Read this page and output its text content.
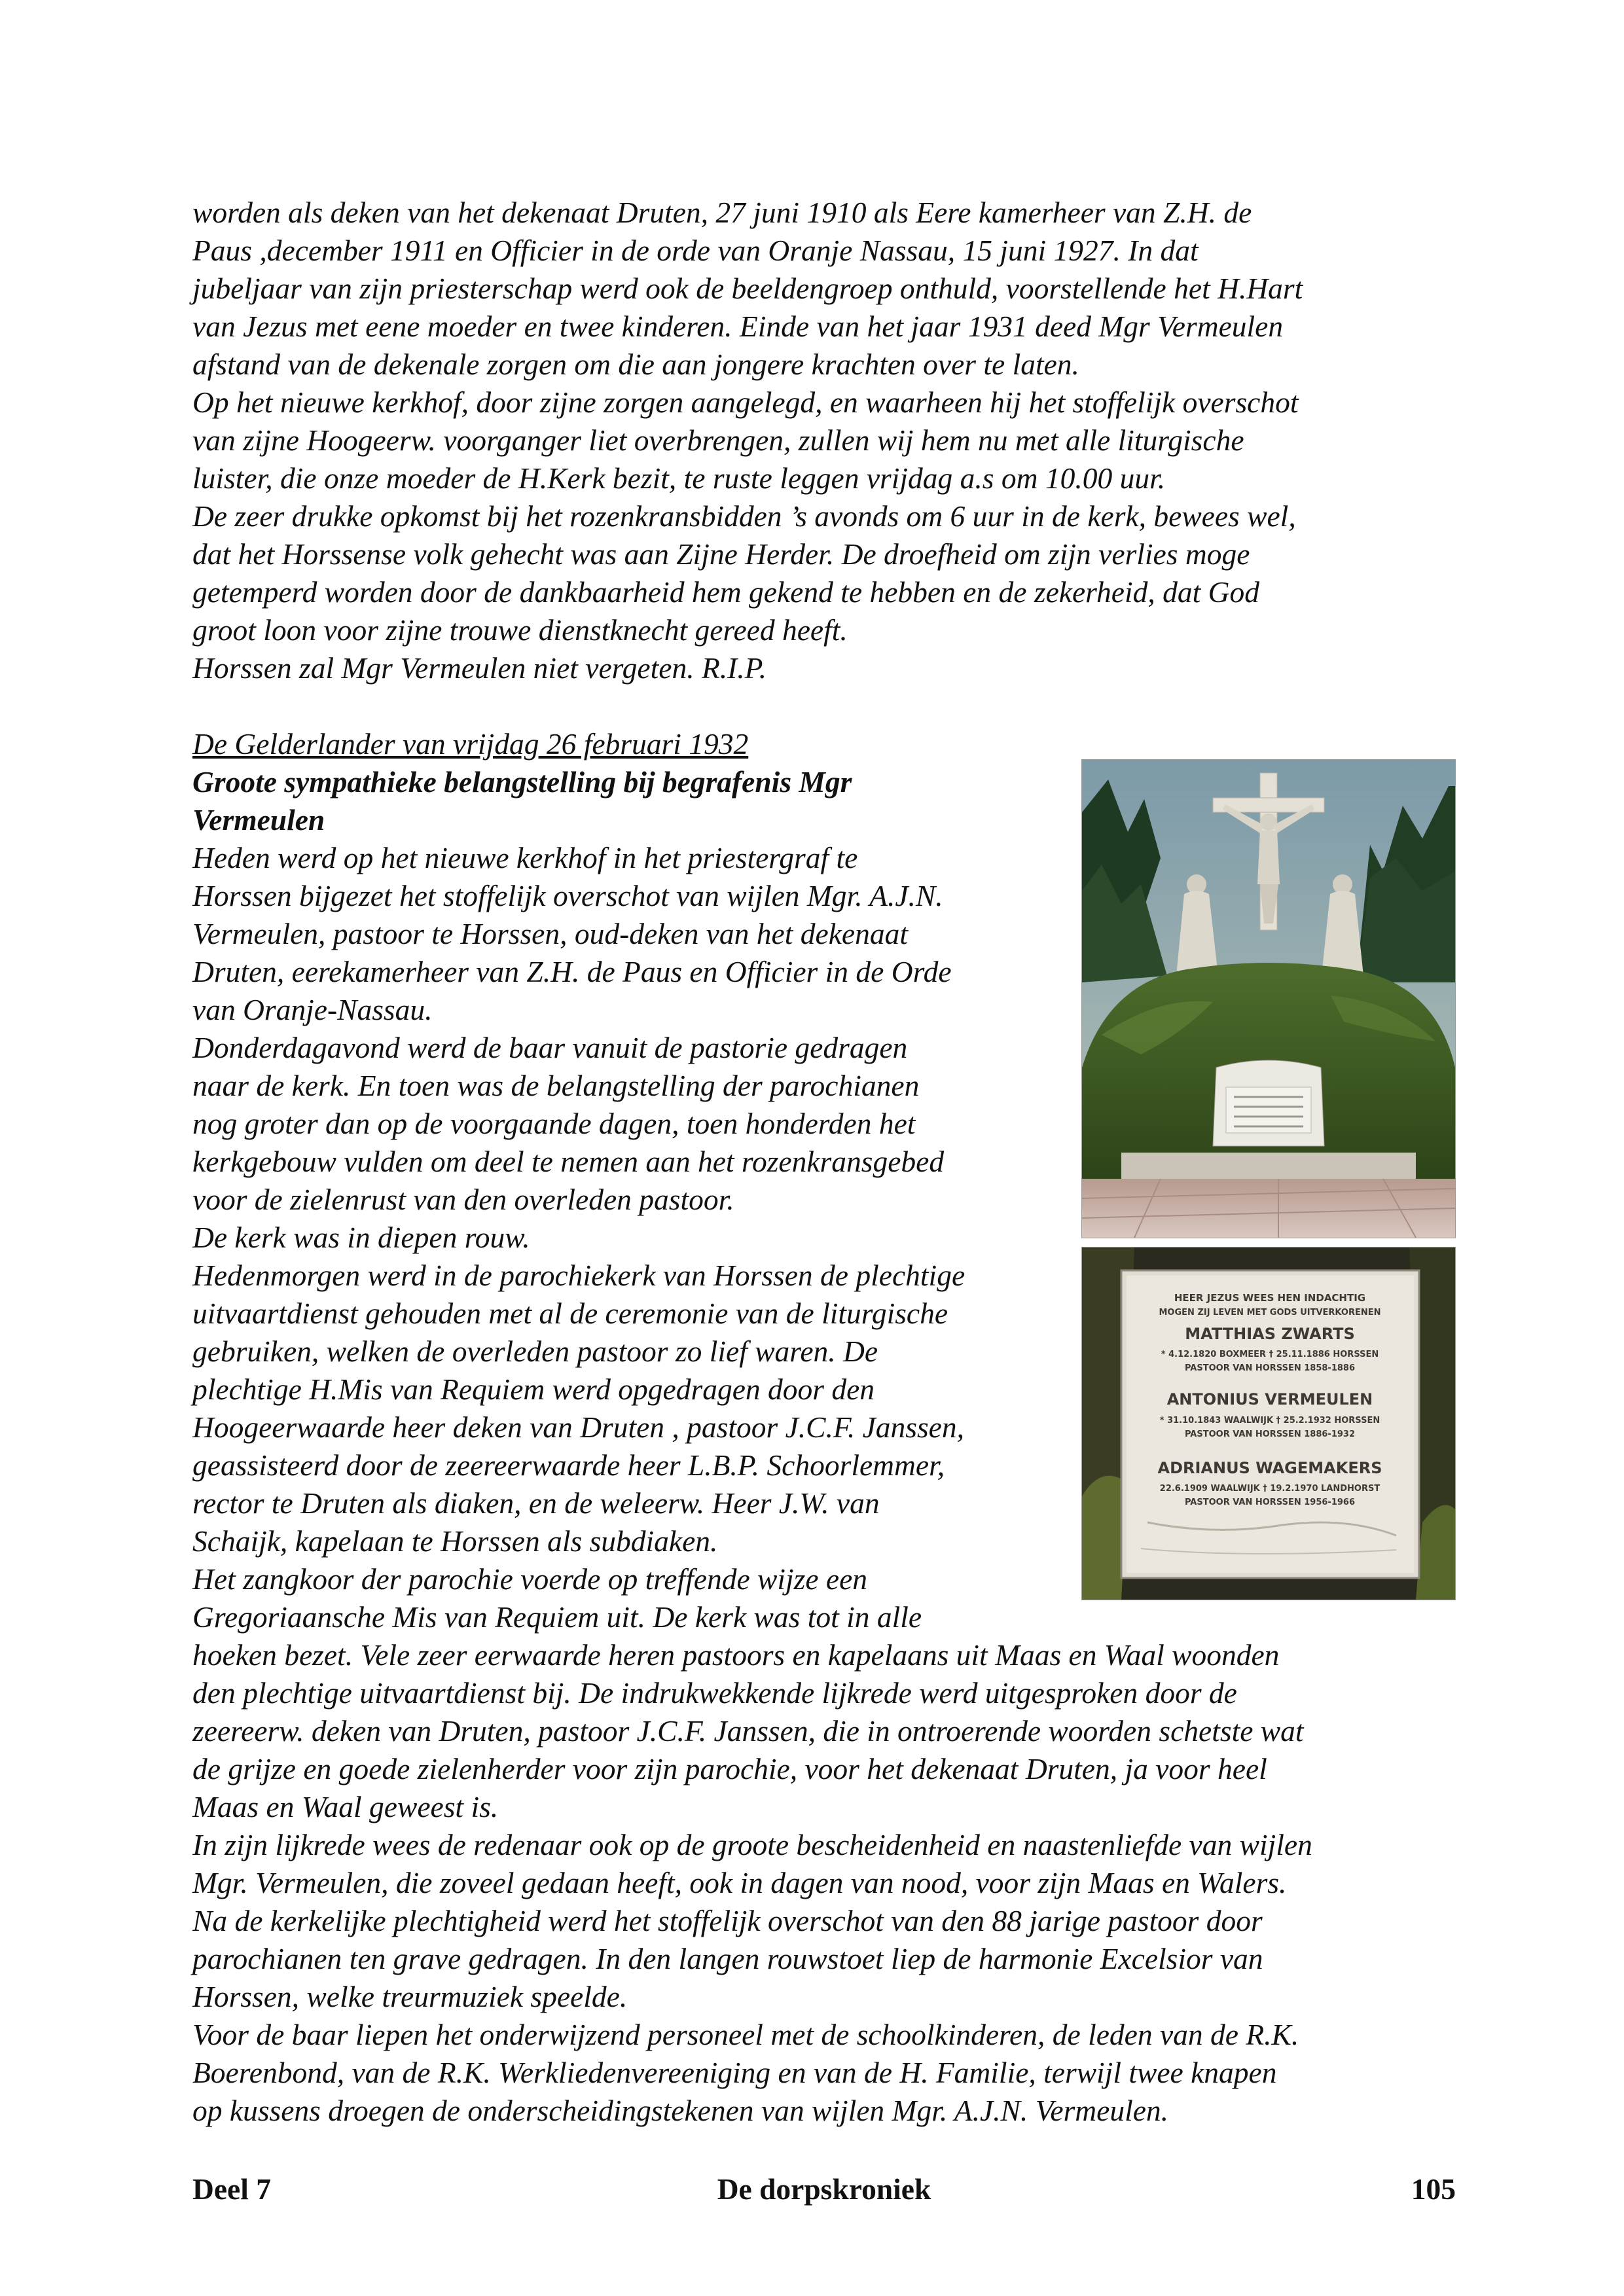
worden als deken van het dekenaat Druten, 27 juni 1910 als Eere kamerheer van Z.H. de
Paus ,december 1911 en Officier in de orde van Oranje Nassau, 15 juni 1927. In dat
jubeljaar van zijn priesterschap werd ook de beeldengroep onthuld, voorstellende het H.Hart
van Jezus met eene moeder en twee kinderen. Einde van het jaar 1931 deed Mgr Vermeulen
afstand van de dekenale zorgen om die aan jongere krachten over te laten.
Op het nieuwe kerkhof, door zijne zorgen aangelegd, en waarheen hij het stoffelijk overschot
van zijne Hoogeerw. voorganger liet overbrengen, zullen wij hem nu met alle liturgische
luister, die onze moeder de H.Kerk bezit, te ruste leggen vrijdag a.s om 10.00 uur.
De zeer drukke opkomst bij het rozenkransbidden ’s avonds om 6 uur in de kerk, bewees wel,
dat het Horssense volk gehecht was aan Zijne Herder. De droefheid om zijn verlies moge
getemperd worden door de dankbaarheid hem gekend te hebben en de zekerheid, dat God
groot loon voor zijne trouwe dienstknecht gereed heeft.
Horssen zal Mgr Vermeulen niet vergeten. R.I.P.
De Gelderlander van vrijdag 26 februari 1932
Groote sympathieke belangstelling bij begrafenis Mgr
Vermeulen
Heden werd op het nieuwe kerkhof in het priestergraf te
Horssen bijgezet het stoffelijk overschot van wijlen Mgr. A.J.N.
Vermeulen, pastoor te Horssen, oud-deken van het dekenaat
Druten, eerekamerheer van Z.H. de Paus en Officier in de Orde
van Oranje-Nassau.
Donderdagavond werd de baar vanuit de pastorie gedragen
naar de kerk. En toen was de belangstelling der parochianen
nog groter dan op de voorgaande dagen, toen honderden het
kerkgebouw vulden om deel te nemen aan het rozenkransgebed
voor de zielenrust van den overleden pastoor.
De kerk was in diepen rouw.
Hedenmorgen werd in de parochiekerk van Horssen de plechtige
uitvaartdienst gehouden met al de ceremonie van de liturgische
gebruiken, welken de overleden pastoor zo lief waren. De
plechtige H.Mis van Requiem werd opgedragen door den
Hoogeerwaarde heer deken van Druten , pastoor J.C.F. Janssen,
geassisteerd door de zeereerwaarde heer L.B.P. Schoorlemmer,
rector te Druten als diaken, en de weleerw. Heer J.W. van
Schaijk, kapelaan te Horssen als subdiaken.
Het zangkoor der parochie voerde op treffende wijze een
Gregoriaansche Mis van Requiem uit. De kerk was tot in alle
hoeken bezet. Vele zeer eerwaarde heren pastoors en kapelaans uit Maas en Waal woonden
den plechtige uitvaartdienst bij. De indrukwekkende lijkrede werd uitgesproken door de
zeereerw. deken van Druten, pastoor J.C.F. Janssen, die in ontroerende woorden schetste wat
de grijze en goede zielenherder voor zijn parochie, voor het dekenaat Druten, ja voor heel
Maas en Waal geweest is.
In zijn lijkrede wees de redenaar ook op de groote bescheidenheid en naastenliefde van wijlen
Mgr. Vermeulen, die zoveel gedaan heeft, ook in dagen van nood, voor zijn Maas en Walers.
Na de kerkelijke plechtigheid werd het stoffelijk overschot van den 88 jarige pastoor door
parochianen ten grave gedragen. In den langen rouwstoet liep de harmonie Excelsior van
Horssen, welke treurmuziek speelde.
Voor de baar liepen het onderwijzend personeel met de schoolkinderen, de leden van de R.K.
Boerenbond, van de R.K. Werkliedenvereeniging en van de H. Familie, terwijl twee knapen
op kussens droegen de onderscheidingstekenen van wijlen Mgr. A.J.N. Vermeulen.
HEER JEZUS WEES HEN INDACHTIG
MOGEN ZIJ LEVEN MET GODS UITVERKORENEN
MATTHIAS ZWARTS
* 4.12.1820 BOXMEER † 25.11.1886 HORSSEN
PASTOOR VAN HORSSEN 1858-1886
ANTONIUS VERMEULEN
* 31.10.1843 WAALWIJK † 25.2.1932 HORSSEN
PASTOOR VAN HORSSEN 1886-1932
ADRIANUS WAGEMAKERS
22.6.1909 WAALWIJK † 19.2.1970 LANDHORST
PASTOOR VAN HORSSEN 1956-1966
Deel 7	De dorpskroniek	105
